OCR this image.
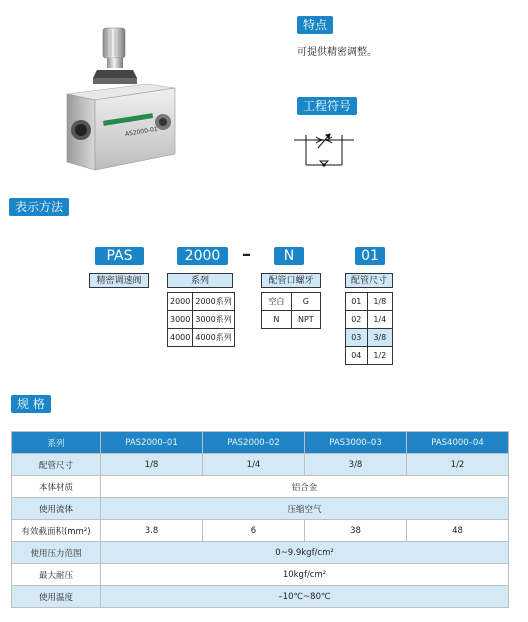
AS2000-01
特点
可提供精密调整。
工程符号
表示方法
PAS
精密调速阀
2000
系列
2000	2000系列
3000	3000系列
4000	4000系列
–	N
配管口螺牙
空白	G
N	NPT
01
配管尺寸
01	1/8
02	1/4
03	3/8
04	1/2
规 格
系列	PAS2000–01	PAS2000–02	PAS3000–03	PAS4000–04
配管尺寸	1/8	1/4	3/8	1/2
本体材质	铝合金			
使用流体	压缩空气			
有效截面积(mm²)	3.8	6	38	48
使用压力范围	0~9.9kgf/cm²			
最大耐压	10kgf/cm²			
使用温度	–10℃~80℃			
